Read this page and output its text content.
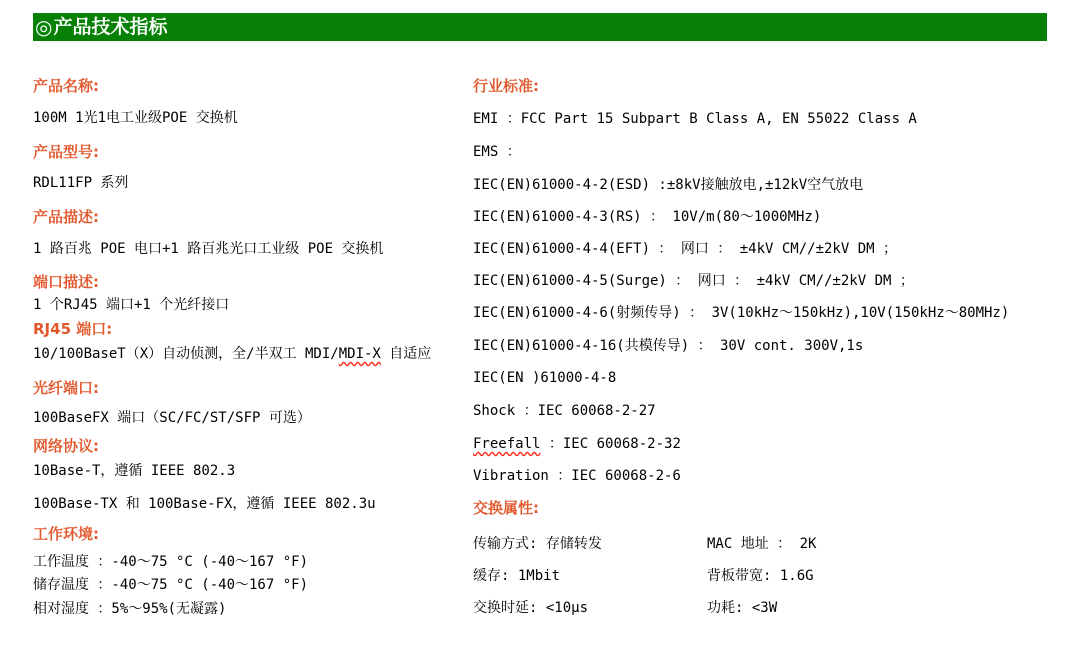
◎ 产品技术指标

产品名称:

100M 1光1电工业级POE 交换机

产品型号:

RDL11FP 系列

产品描述:

1 路百兆 POE 电口+1 路百兆光口工业级 POE 交换机

端口描述:

1 个RJ45 端口+1 个光纤接口

RJ45 端口:

10/100BaseT（X）自动侦测，全/半双工 MDI/MDI-X 自适应

光纤端口:

100BaseFX 端口（SC/FC/ST/SFP 可选）

网络协议:

10Base-T，遵循 IEEE 802.3

100Base-TX 和 100Base-FX，遵循 IEEE 802.3u

工作环境:

工作温度 ：-40～75 °C (-40～167 °F)

储存温度 ：-40～75 °C (-40～167 °F)

相对湿度 ：5%～95%(无凝露)

行业标准:

EMI ：FCC Part 15 Subpart B Class A, EN 55022 Class A

EMS ：

IEC(EN)61000-4-2(ESD) :±8kV接触放电,±12kV空气放电

IEC(EN)61000-4-3(RS) ： 10V/m(80～1000MHz)

IEC(EN)61000-4-4(EFT) ： 网口 ： ±4kV CM//±2kV DM ；

IEC(EN)61000-4-5(Surge) ： 网口 ： ±4kV CM//±2kV DM ；

IEC(EN)61000-4-6(射频传导) ： 3V(10kHz～150kHz),10V(150kHz～80MHz)

IEC(EN)61000-4-16(共模传导) ： 30V cont. 300V,1s

IEC(EN )61000-4-8

Shock ：IEC 60068-2-27

Freefall ：IEC 60068-2-32

Vibration ：IEC 60068-2-6

交换属性:

传输方式: 存储转发	MAC 地址 ： 2K

缓存: 1Mbit	背板带宽: 1.6G

交换时延: <10μs	功耗: <3W
